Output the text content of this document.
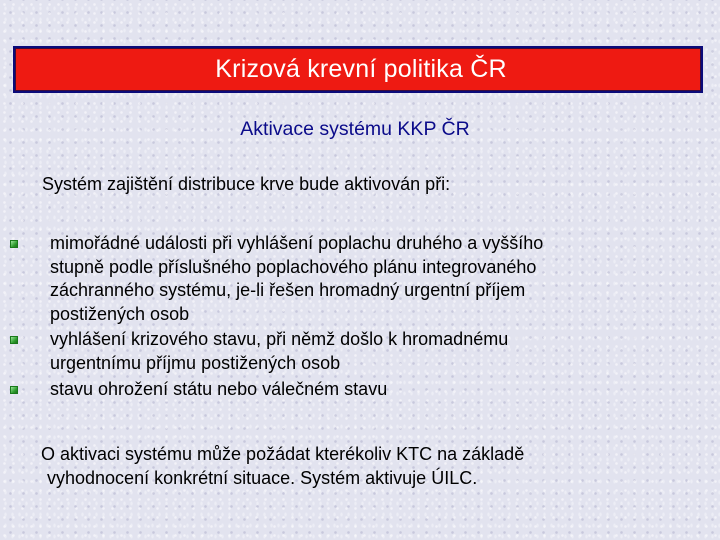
Krizová krevní politika ČR
Aktivace systému KKP ČR
Systém zajištění distribuce krve bude aktivován při:
mimořádné události při vyhlášení poplachu druhého a vyššího
stupně podle příslušného poplachového plánu integrovaného
záchranného systému, je-li řešen hromadný urgentní příjem
postižených osob
vyhlášení krizového stavu, při němž došlo k hromadnému
urgentnímu příjmu postižených osob
stavu ohrožení státu nebo válečném stavu
O aktivaci systému může požádat kterékoliv KTC na základě
vyhodnocení konkrétní situace. Systém aktivuje ÚILC.
